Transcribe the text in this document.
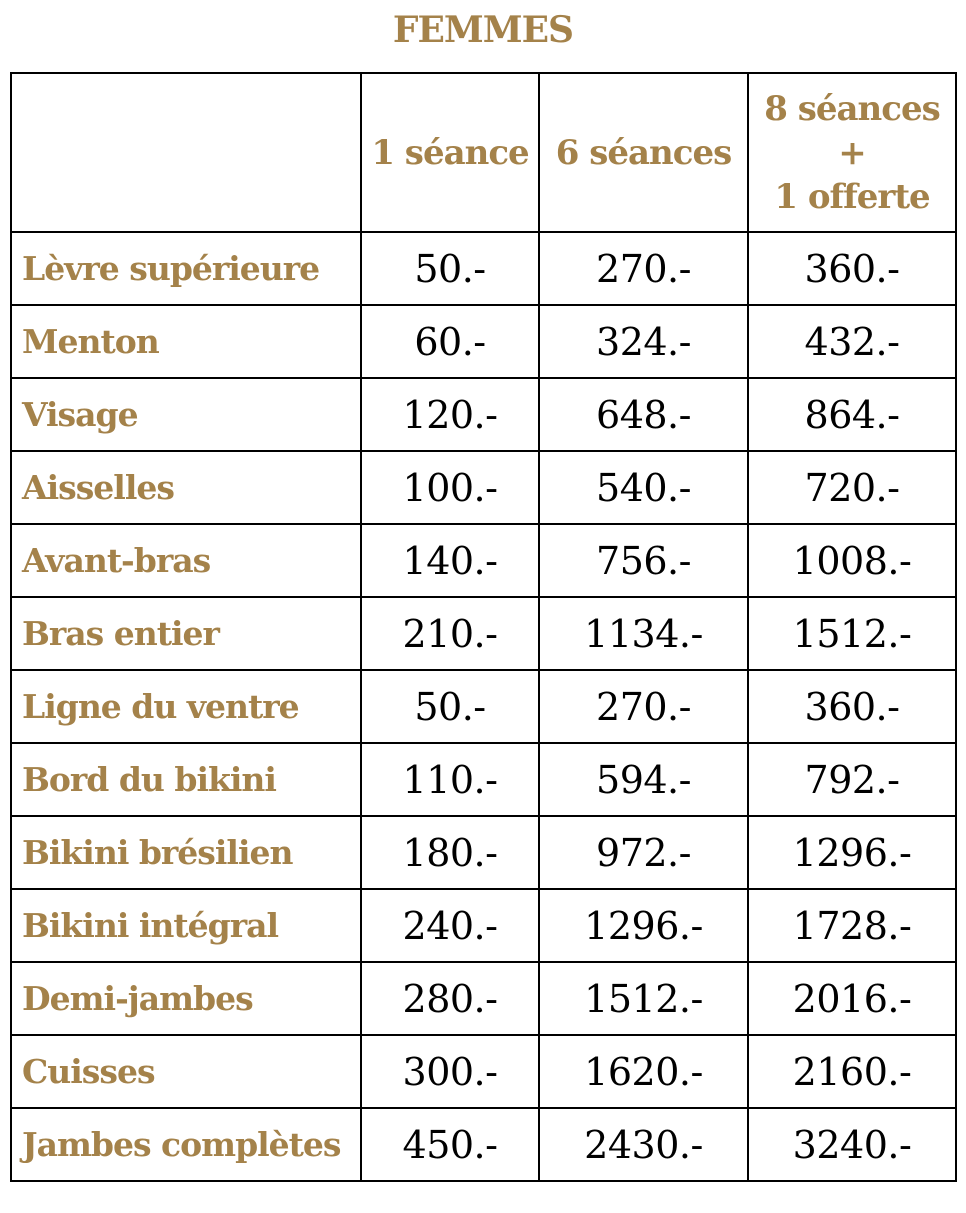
FEMMES
	1 séance	6 séances	8 séances
+
1 offerte

Lèvre supérieure	50.-	270.-	360.-
Menton	60.-	324.-	432.-
Visage	120.-	648.-	864.-
Aisselles	100.-	540.-	720.-
Avant-bras	140.-	756.-	1008.-
Bras entier	210.-	1134.-	1512.-
Ligne du ventre	50.-	270.-	360.-
Bord du bikini	110.-	594.-	792.-
Bikini brésilien	180.-	972.-	1296.-
Bikini intégral	240.-	1296.-	1728.-
Demi-jambes	280.-	1512.-	2016.-
Cuisses	300.-	1620.-	2160.-
Jambes complètes	450.-	2430.-	3240.-
